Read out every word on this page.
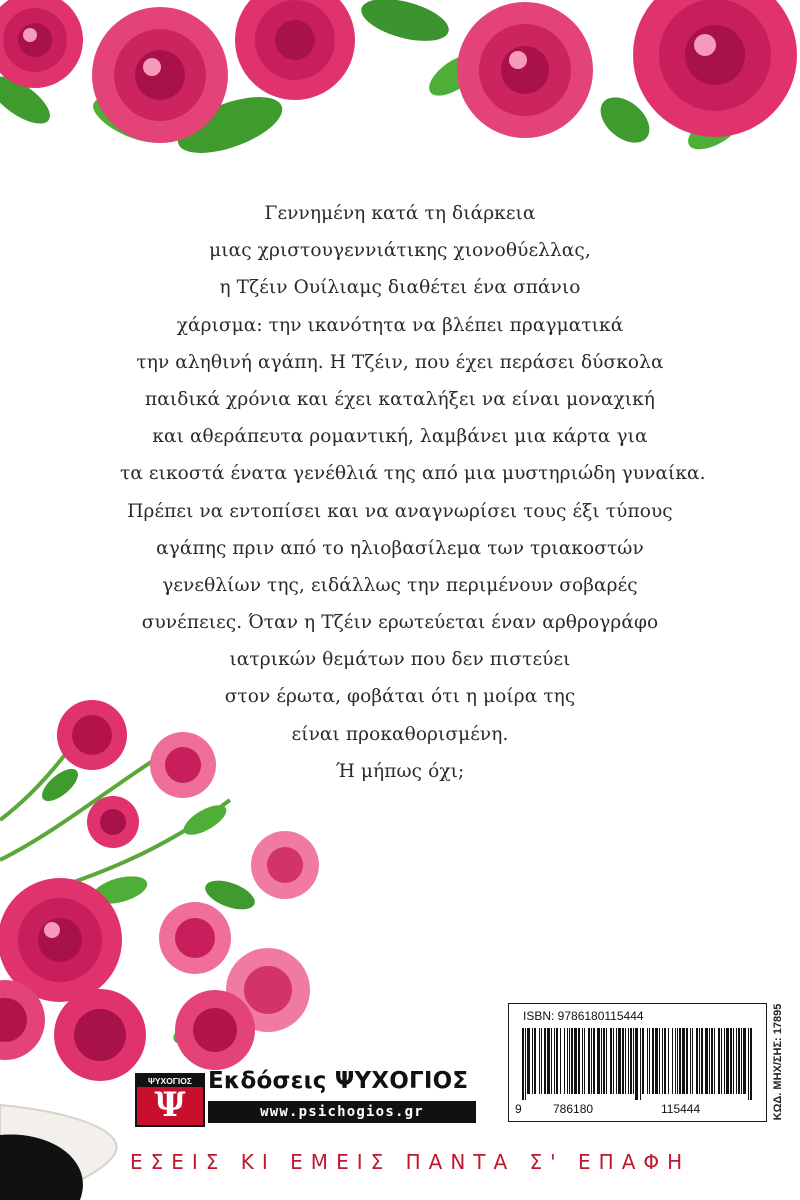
Γεννημένη κατά τη διάρκεια
μιας χριστουγεννιάτικης χιονοθύελλας,
η Τζέιν Ουίλιαμς διαθέτει ένα σπάνιο
χάρισμα: την ικανότητα να βλέπει πραγματικά
την αληθινή αγάπη. Η Τζέιν, που έχει περάσει δύσκολα
παιδικά χρόνια και έχει καταλήξει να είναι μοναχική
και αθεράπευτα ρομαντική, λαμβάνει μια κάρτα για
τα εικοστά ένατα γενέθλιά της από μια μυστηριώδη γυναίκα.
Πρέπει να εντοπίσει και να αναγνωρίσει τους έξι τύπους
αγάπης πριν από το ηλιοβασίλεμα των τριακοστών
γενεθλίων της, ειδάλλως την περιμένουν σοβαρές
συνέπειες. Όταν η Τζέιν ερωτεύεται έναν αρθρογράφο
ιατρικών θεμάτων που δεν πιστεύει
στον έρωτα, φοβάται ότι η μοίρα της
είναι προκαθορισμένη.
Ή μήπως όχι;
ISBN: 9786180115444
9	786180	115444	ΚΩΔ. ΜΗΧ/ΣΗΣ: 17895
ΨΥΧΟΓΙΟΣ
Ψ
Εκδόσεις ΨΥΧΟΓΙΟΣ
www.psichogios.gr
ΕΣΕΙΣ ΚΙ ΕΜΕΙΣ ΠΑΝΤΑ Σ' ΕΠΑΦΗ
